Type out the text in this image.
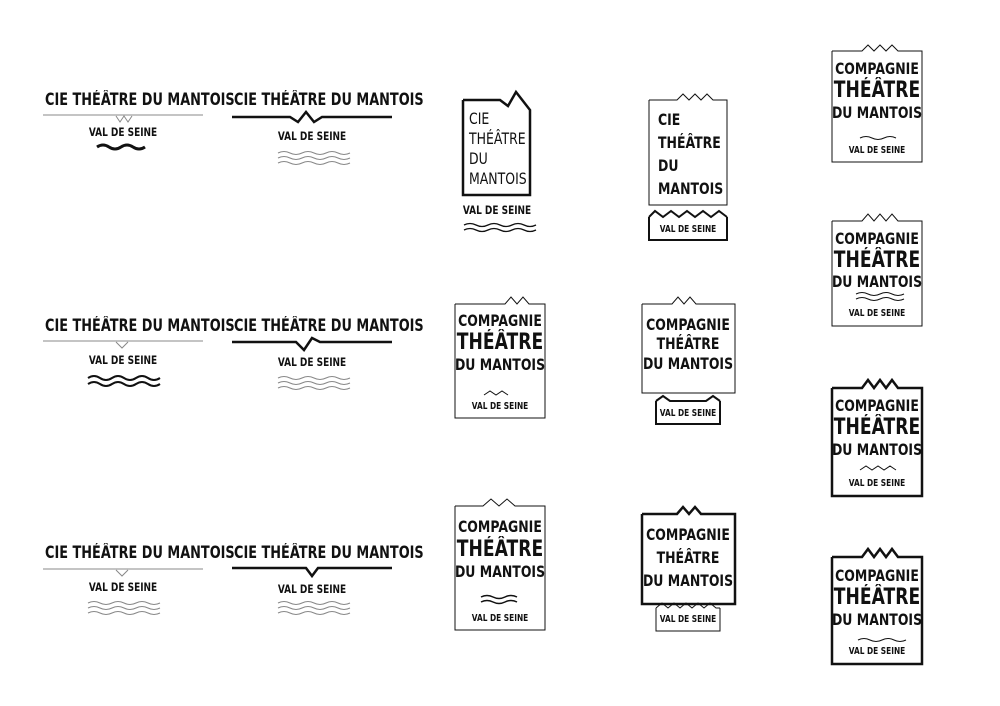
CIE THÉÂTRE DU MANTOIS
VAL DE SEINE
CIE THÉÂTRE DU MANTOIS
VAL DE SEINE
CIE THÉÂTRE DU MANTOIS
VAL DE SEINE
CIE THÉÂTRE DU MANTOIS
VAL DE SEINE
CIE THÉÂTRE DU MANTOIS
VAL DE SEINE
CIE THÉÂTRE DU MANTOIS
VAL DE SEINE
CIE
THÉÂTRE
DU
MANTOIS
VAL DE SEINE
COMPAGNIE
THÉÂTRE
DU MANTOIS
VAL DE SEINE
COMPAGNIE
THÉÂTRE
DU MANTOIS
VAL DE SEINE
CIE
THÉÂTRE
DU
MANTOIS
VAL DE SEINE
COMPAGNIE
THÉÂTRE
DU MANTOIS
VAL DE SEINE
COMPAGNIE
THÉÂTRE
DU MANTOIS
VAL DE SEINE
COMPAGNIE
THÉÂTRE
DU MANTOIS
VAL DE SEINE
COMPAGNIE
THÉÂTRE
DU MANTOIS
VAL DE SEINE
COMPAGNIE
THÉÂTRE
DU MANTOIS
VAL DE SEINE
COMPAGNIE
THÉÂTRE
DU MANTOIS
VAL DE SEINE
